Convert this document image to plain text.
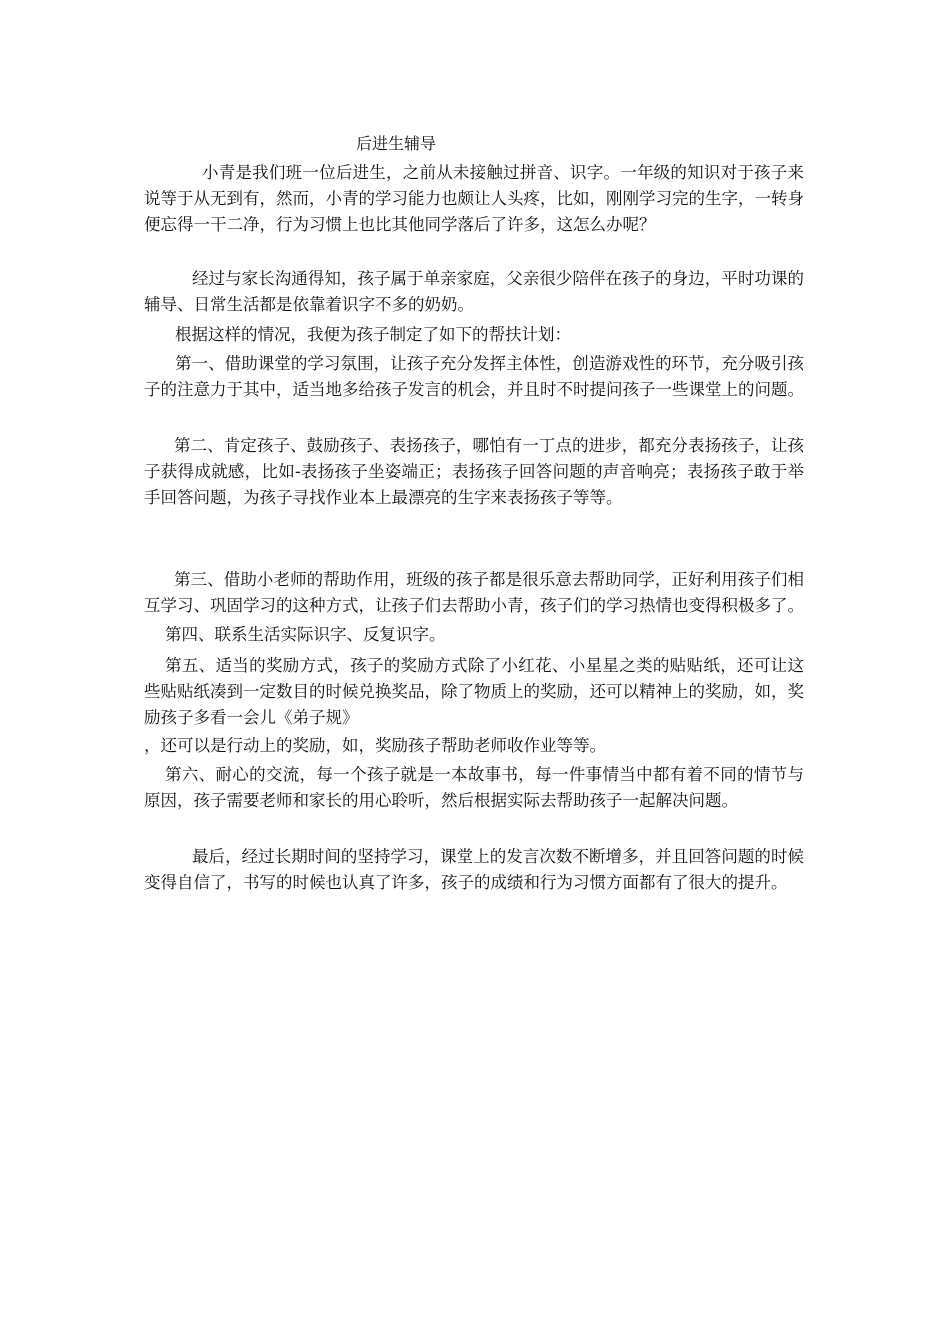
后进生辅导

小青是我们班一位后进生，之前从未接触过拼音、识字。一年级的知识对于孩子来说等于从无到有，然而，小青的学习能力也颇让人头疼，比如，刚刚学习完的生字，一转身便忘得一干二净，行为习惯上也比其他同学落后了许多，这怎么办呢？

经过与家长沟通得知，孩子属于单亲家庭，父亲很少陪伴在孩子的身边，平时功课的辅导、日常生活都是依靠着识字不多的奶奶。

根据这样的情况，我便为孩子制定了如下的帮扶计划：

第一、借助课堂的学习氛围，让孩子充分发挥主体性，创造游戏性的环节，充分吸引孩子的注意力于其中，适当地多给孩子发言的机会，并且时不时提问孩子一些课堂上的问题。

第二、肯定孩子、鼓励孩子、表扬孩子，哪怕有一丁点的进步，都充分表扬孩子，让孩子获得成就感，比如-表扬孩子坐姿端正；表扬孩子回答问题的声音响亮；表扬孩子敢于举手回答问题，为孩子寻找作业本上最漂亮的生字来表扬孩子等等。

第三、借助小老师的帮助作用，班级的孩子都是很乐意去帮助同学，正好利用孩子们相互学习、巩固学习的这种方式，让孩子们去帮助小青，孩子们的学习热情也变得积极多了。

第四、联系生活实际识字、反复识字。

第五、适当的奖励方式，孩子的奖励方式除了小红花、小星星之类的贴贴纸，还可让这些贴贴纸凑到一定数目的时候兑换奖品，除了物质上的奖励，还可以精神上的奖励，如，奖励孩子多看一会儿《弟子规》

，还可以是行动上的奖励，如，奖励孩子帮助老师收作业等等。

第六、耐心的交流，每一个孩子就是一本故事书，每一件事情当中都有着不同的情节与原因，孩子需要老师和家长的用心聆听，然后根据实际去帮助孩子一起解决问题。

最后，经过长期时间的坚持学习，课堂上的发言次数不断增多，并且回答问题的时候变得自信了，书写的时候也认真了许多，孩子的成绩和行为习惯方面都有了很大的提升。
